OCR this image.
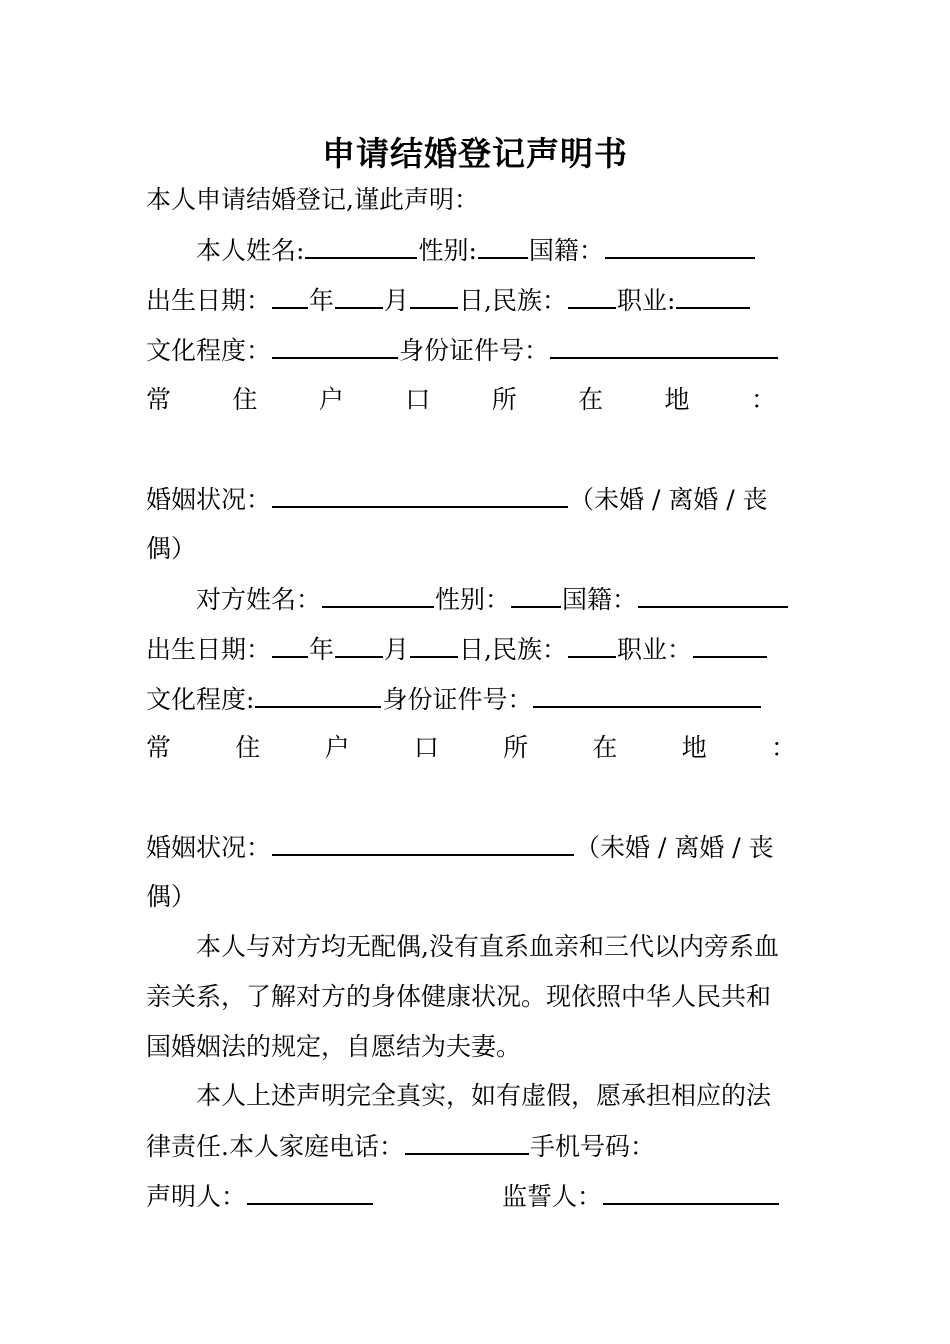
申请结婚登记声明书
本人申请结婚登记,谨此声明：
本人姓名:	性别: 国籍：
出生日期： 年 月 日,民族： 职业:
文化程度：	身份证件号：
常 住 户 口 所 在 地 ：
婚姻状况：	（未婚 / 离婚 / 丧
偶）
对方姓名：	性别： 国籍：
出生日期： 年 月 日,民族： 职业：
文化程度:	身份证件号：
常	住	户	口	所	在	地	：
婚姻状况：	（未婚 / 离婚 / 丧
偶）
本人与对方均无配偶,没有直系血亲和三代以内旁系血
亲关系，了解对方的身体健康状况。现依照中华人民共和
国婚姻法的规定，自愿结为夫妻。
本人上述声明完全真实，如有虚假，愿承担相应的法
律责任.本人家庭电话：	手机号码：
声明人：	监誓人：
